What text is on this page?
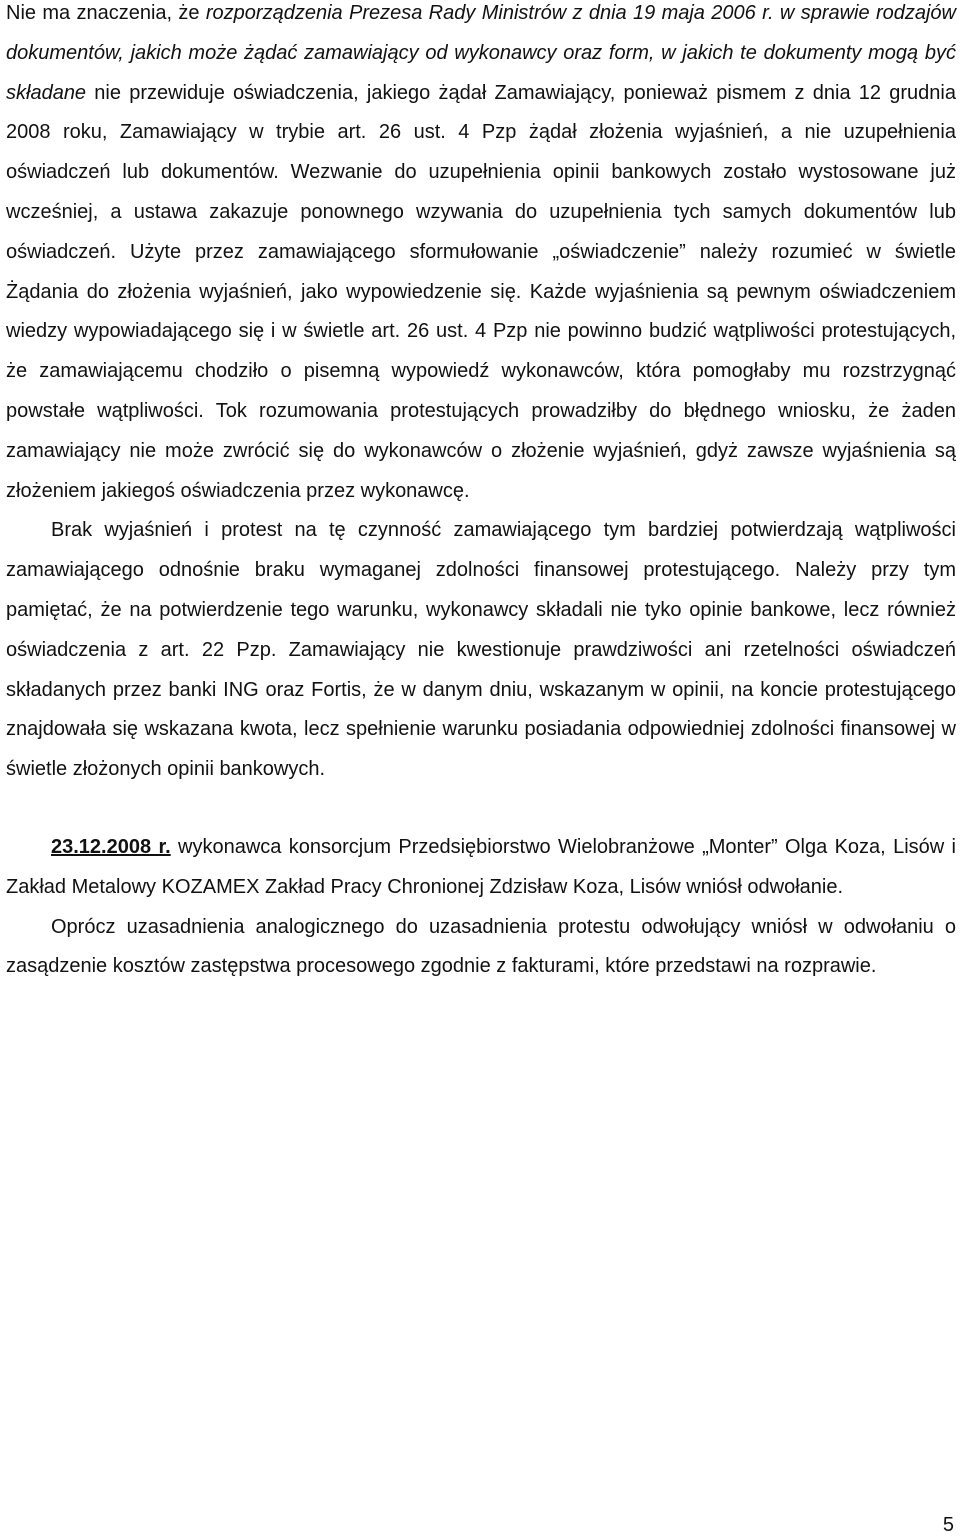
Nie ma znaczenia, że rozporządzenia Prezesa Rady Ministrów z dnia 19 maja 2006 r. w sprawie rodzajów dokumentów, jakich może żądać zamawiający od wykonawcy oraz form, w jakich te dokumenty mogą być składane nie przewiduje oświadczenia, jakiego żądał Zamawiający, ponieważ pismem z dnia 12 grudnia 2008 roku, Zamawiający w trybie art. 26 ust. 4 Pzp żądał złożenia wyjaśnień, a nie uzupełnienia oświadczeń lub dokumentów. Wezwanie do uzupełnienia opinii bankowych zostało wystosowane już wcześniej, a ustawa zakazuje ponownego wzywania do uzupełnienia tych samych dokumentów lub oświadczeń. Użyte przez zamawiającego sformułowanie „oświadczenie” należy rozumieć w świetle Żądania do złożenia wyjaśnień, jako wypowiedzenie się. Każde wyjaśnienia są pewnym oświadczeniem wiedzy wypowiadającego się i w świetle art. 26 ust. 4 Pzp nie powinno budzić wątpliwości protestujących, że zamawiającemu chodziło o pisemną wypowiedź wykonawców, która pomogłaby mu rozstrzygnąć powstałe wątpliwości. Tok rozumowania protestujących prowadziłby do błędnego wniosku, że żaden zamawiający nie może zwrócić się do wykonawców o złożenie wyjaśnień, gdyż zawsze wyjaśnienia są złożeniem jakiegoś oświadczenia przez wykonawcę.

Brak wyjaśnień i protest na tę czynność zamawiającego tym bardziej potwierdzają wątpliwości zamawiającego odnośnie braku wymaganej zdolności finansowej protestującego. Należy przy tym pamiętać, że na potwierdzenie tego warunku, wykonawcy składali nie tyko opinie bankowe, lecz również oświadczenia z art. 22 Pzp. Zamawiający nie kwestionuje prawdziwości ani rzetelności oświadczeń składanych przez banki ING oraz Fortis, że w danym dniu, wskazanym w opinii, na koncie protestującego znajdowała się wskazana kwota, lecz spełnienie warunku posiadania odpowiedniej zdolności finansowej w świetle złożonych opinii bankowych.

23.12.2008 r. wykonawca konsorcjum Przedsiębiorstwo Wielobranżowe „Monter” Olga Koza, Lisów i Zakład Metalowy KOZAMEX Zakład Pracy Chronionej Zdzisław Koza, Lisów wniósł odwołanie.

Oprócz uzasadnienia analogicznego do uzasadnienia protestu odwołujący wniósł w odwołaniu o zasądzenie kosztów zastępstwa procesowego zgodnie z fakturami, które przedstawi na rozprawie.

5
